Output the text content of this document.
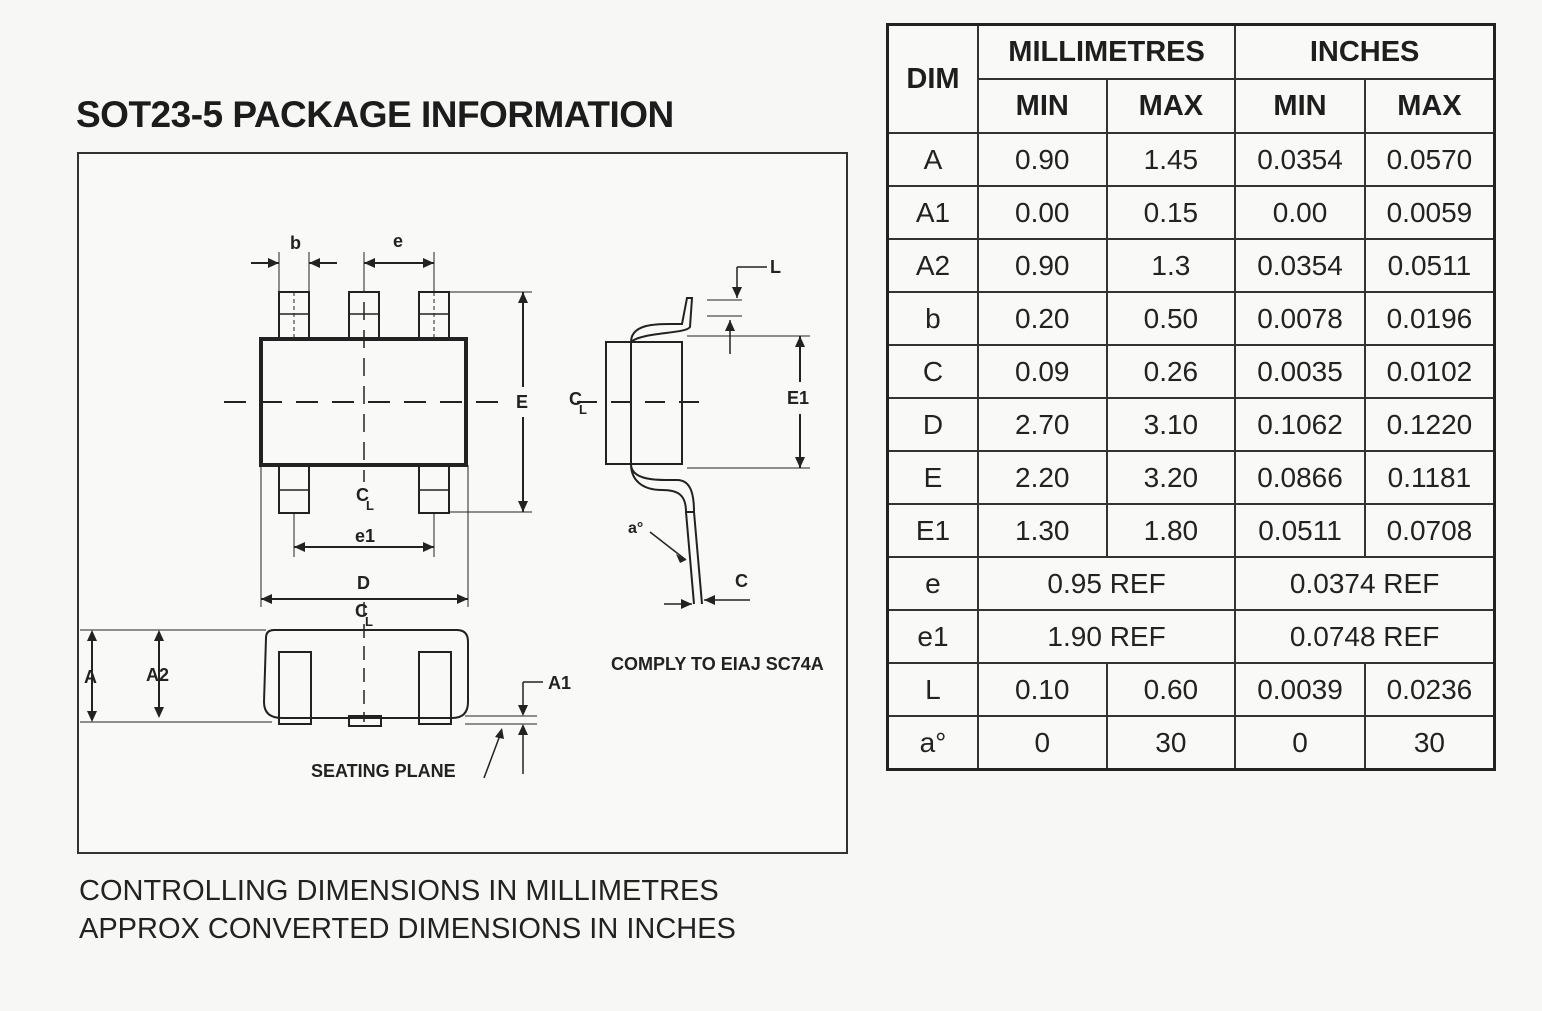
SOT23-5 PACKAGE INFORMATION
b	e
E
C
L
e1
D
C
L
L
E1
C
L
a°
C
A	A2	A1
SEATING PLANE
COMPLY TO EIAJ SC74A
CONTROLLING DIMENSIONS IN MILLIMETRES
APPROX CONVERTED DIMENSIONS IN INCHES
DIM	MILLIMETRES		INCHES	
	MIN	MAX	MIN	MAX
A	0.90	1.45	0.0354	0.0570
A1	0.00	0.15	0.00	0.0059
A2	0.90	1.3	0.0354	0.0511
b	0.20	0.50	0.0078	0.0196
C	0.09	0.26	0.0035	0.0102
D	2.70	3.10	0.1062	0.1220
E	2.20	3.20	0.0866	0.1181
E1	1.30	1.80	0.0511	0.0708
e	0.95 REF		0.0374 REF	
e1	1.90 REF		0.0748 REF	
L	0.10	0.60	0.0039	0.0236
a°	0	30	0	30
